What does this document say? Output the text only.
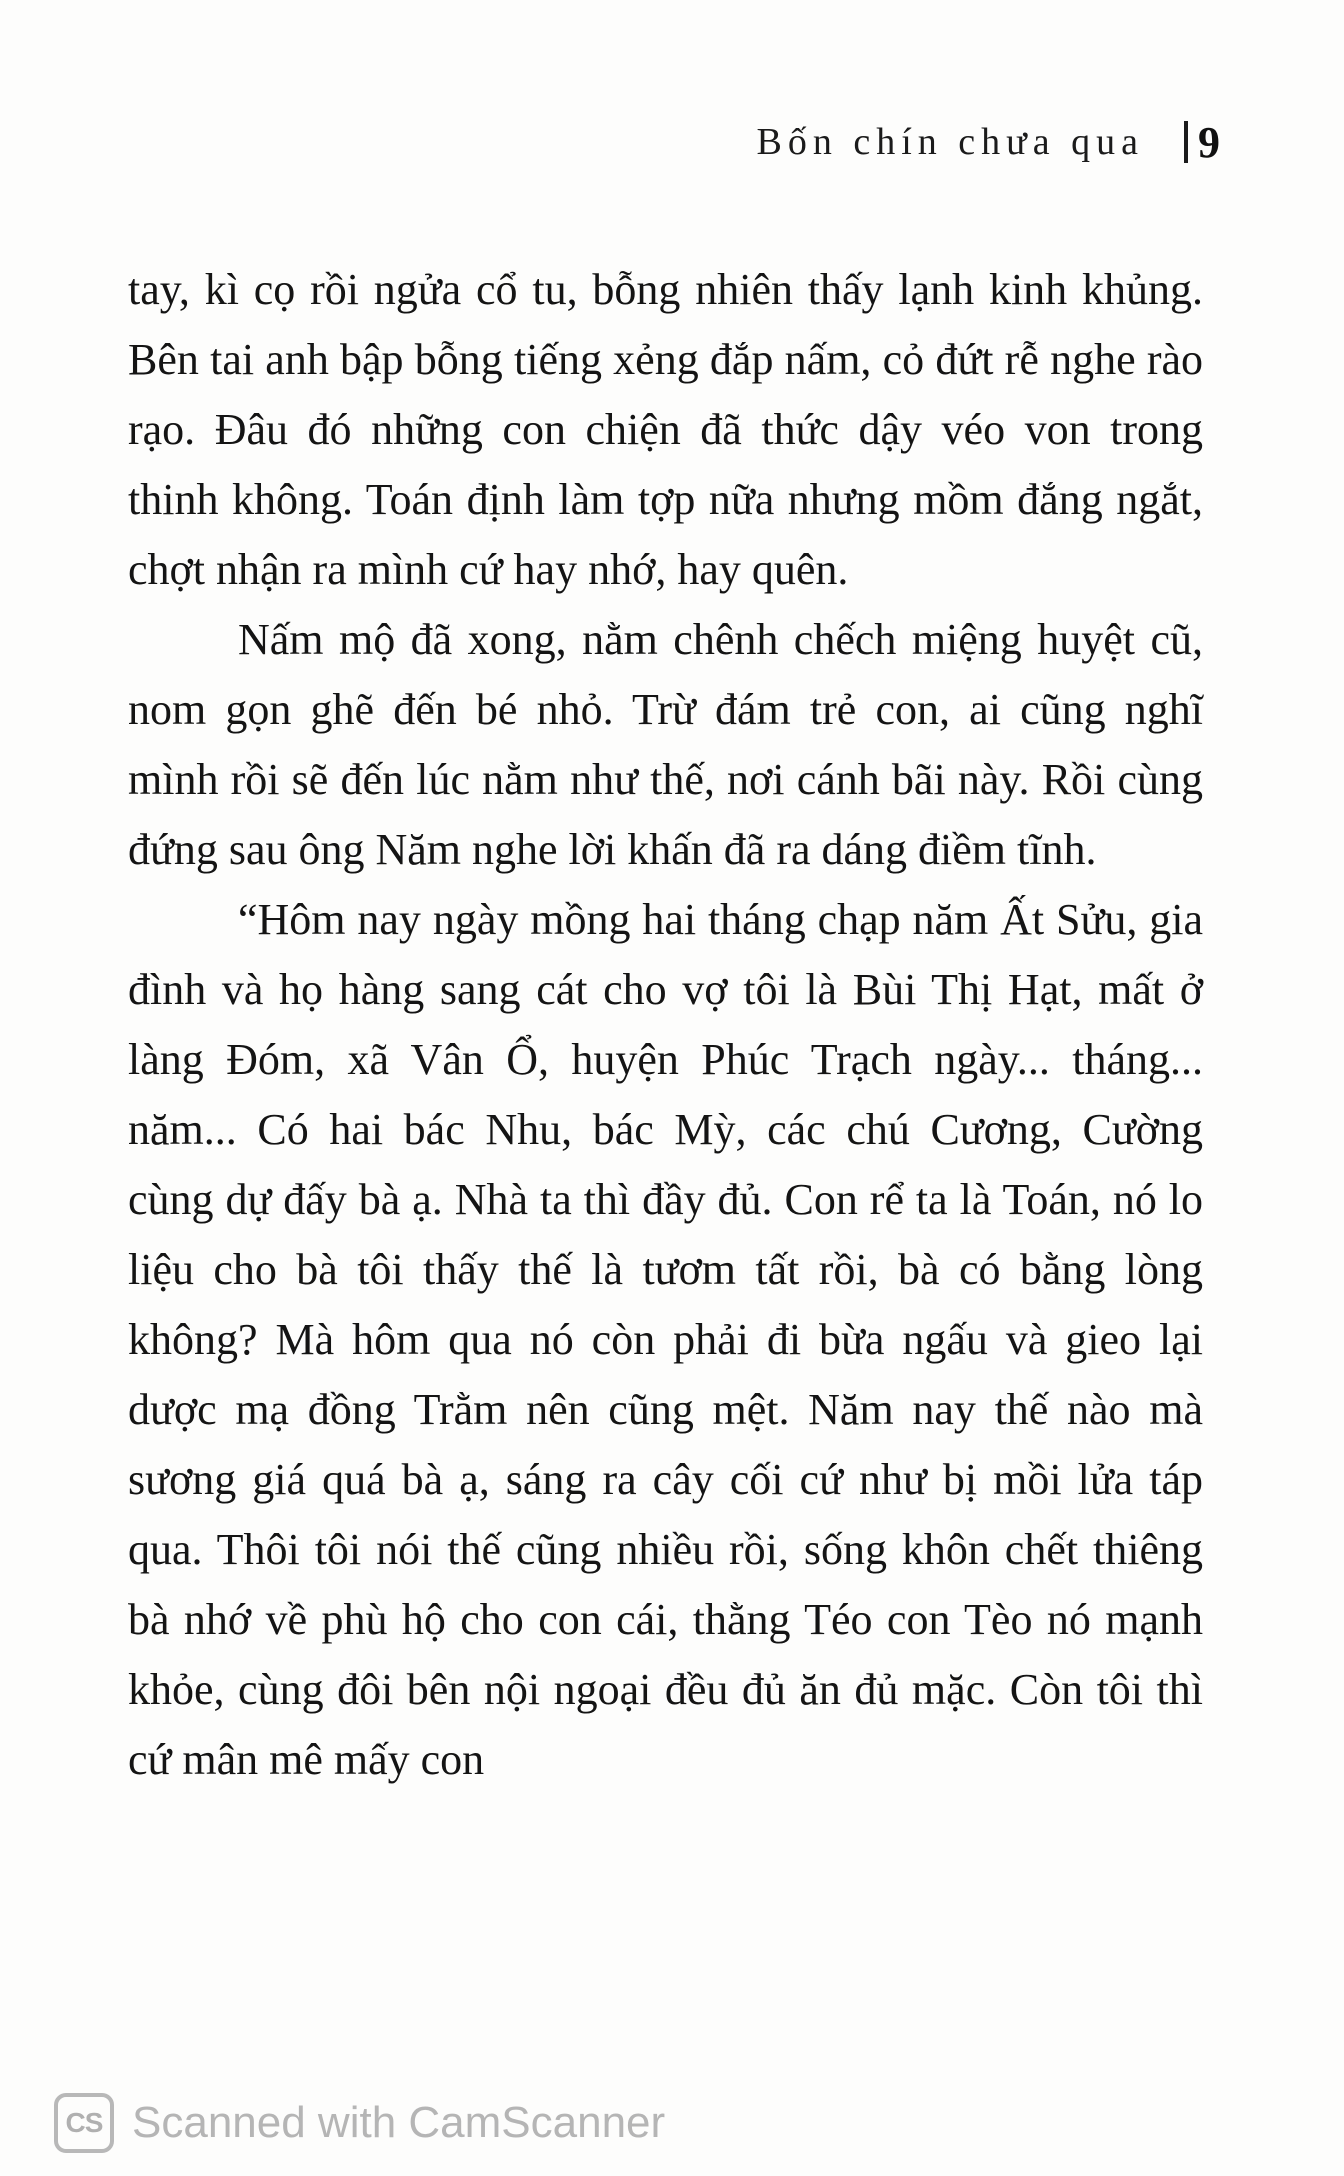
Bốn chín chưa qua 9

tay, kì cọ rồi ngửa cổ tu, bỗng nhiên thấy lạnh kinh khủng. Bên tai anh bập bỗng tiếng xẻng đắp nấm, cỏ đứt rễ nghe rào rạo. Đâu đó những con chiện đã thức dậy véo von trong thinh không. Toán định làm tợp nữa nhưng mồm đắng ngắt, chợt nhận ra mình cứ hay nhớ, hay quên.

Nấm mộ đã xong, nằm chênh chếch miệng huyệt cũ, nom gọn ghẽ đến bé nhỏ. Trừ đám trẻ con, ai cũng nghĩ mình rồi sẽ đến lúc nằm như thế, nơi cánh bãi này. Rồi cùng đứng sau ông Năm nghe lời khấn đã ra dáng điềm tĩnh.

“Hôm nay ngày mồng hai tháng chạp năm Ất Sửu, gia đình và họ hàng sang cát cho vợ tôi là Bùi Thị Hạt, mất ở làng Đóm, xã Vân Ổ, huyện Phúc Trạch ngày... tháng... năm... Có hai bác Nhu, bác Mỳ, các chú Cương, Cường cùng dự đấy bà ạ. Nhà ta thì đầy đủ. Con rể ta là Toán, nó lo liệu cho bà tôi thấy thế là tươm tất rồi, bà có bằng lòng không? Mà hôm qua nó còn phải đi bừa ngấu và gieo lại dược mạ đồng Trằm nên cũng mệt. Năm nay thế nào mà sương giá quá bà ạ, sáng ra cây cối cứ như bị mồi lửa táp qua. Thôi tôi nói thế cũng nhiều rồi, sống khôn chết thiêng bà nhớ về phù hộ cho con cái, thằng Téo con Tèo nó mạnh khỏe, cùng đôi bên nội ngoại đều đủ ăn đủ mặc. Còn tôi thì cứ mân mê mấy con

CS Scanned with CamScanner
